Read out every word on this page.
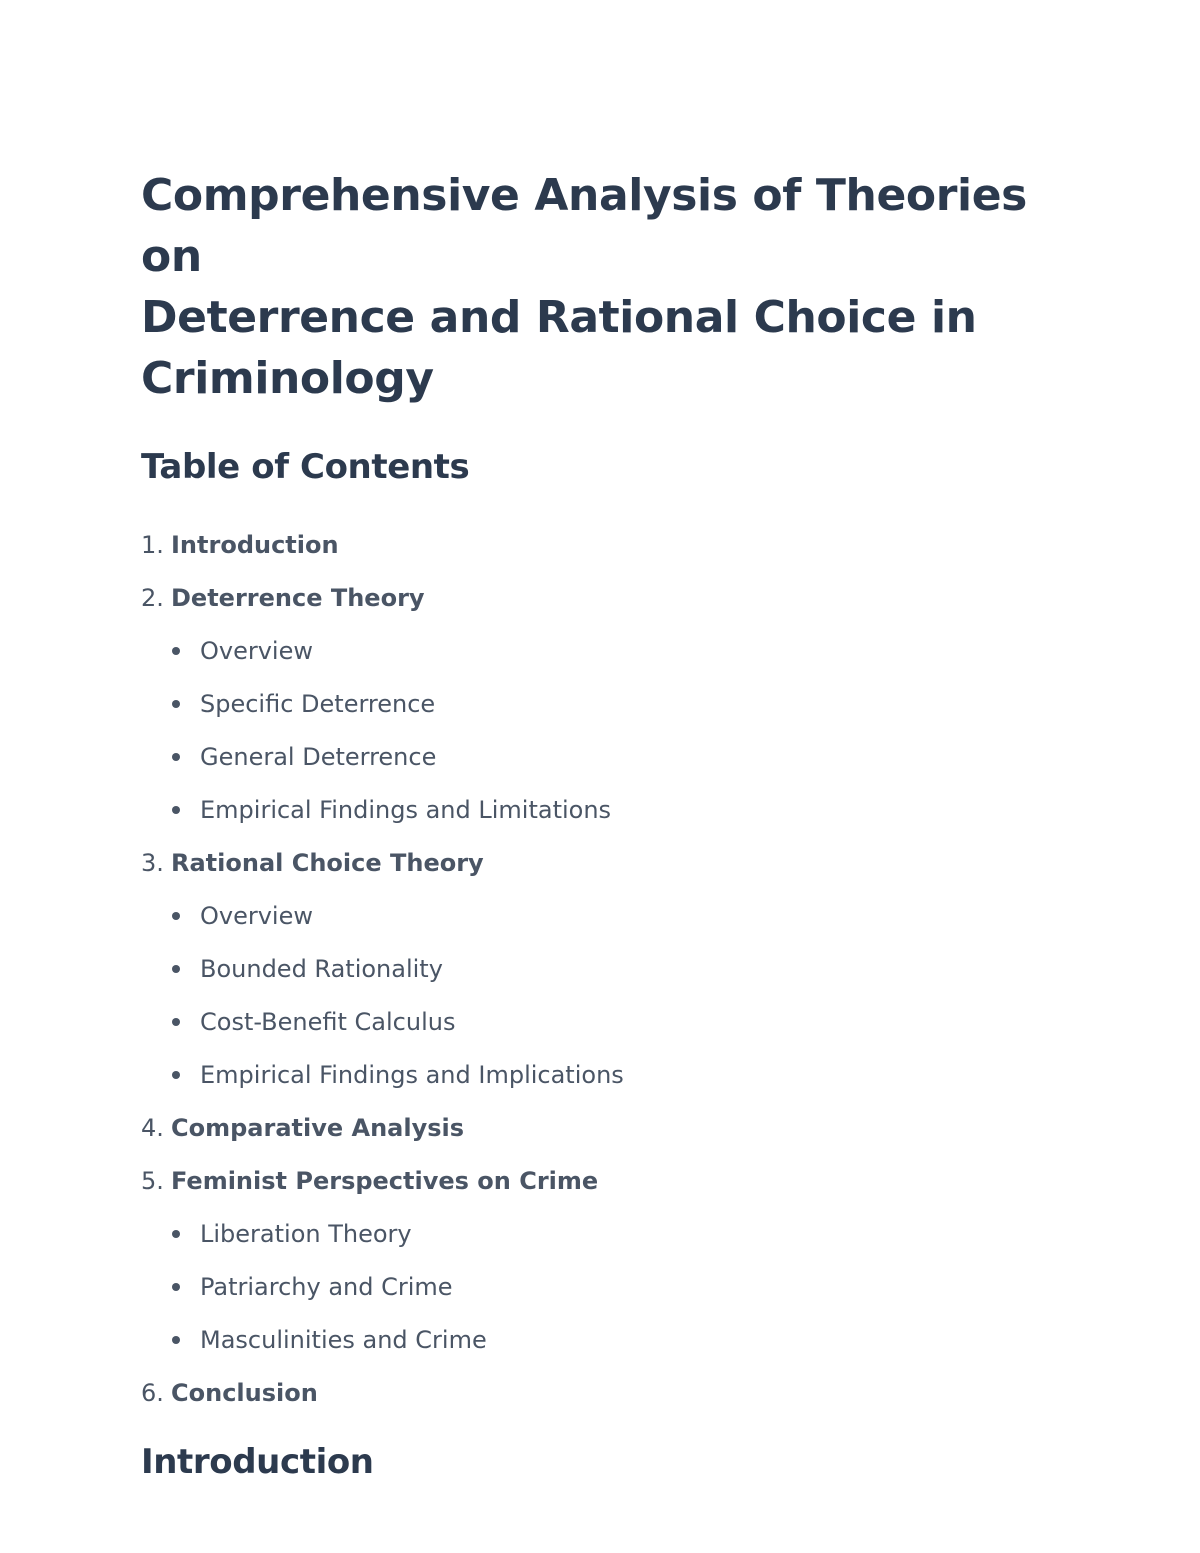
Comprehensive Analysis of Theories on
Deterrence and Rational Choice in
Criminology
Table of Contents
1. Introduction
2. Deterrence Theory
Overview
Specific Deterrence
General Deterrence
Empirical Findings and Limitations
3. Rational Choice Theory
Overview
Bounded Rationality
Cost-Benefit Calculus
Empirical Findings and Implications
4. Comparative Analysis
5. Feminist Perspectives on Crime
Liberation Theory
Patriarchy and Crime
Masculinities and Crime
6. Conclusion
Introduction
